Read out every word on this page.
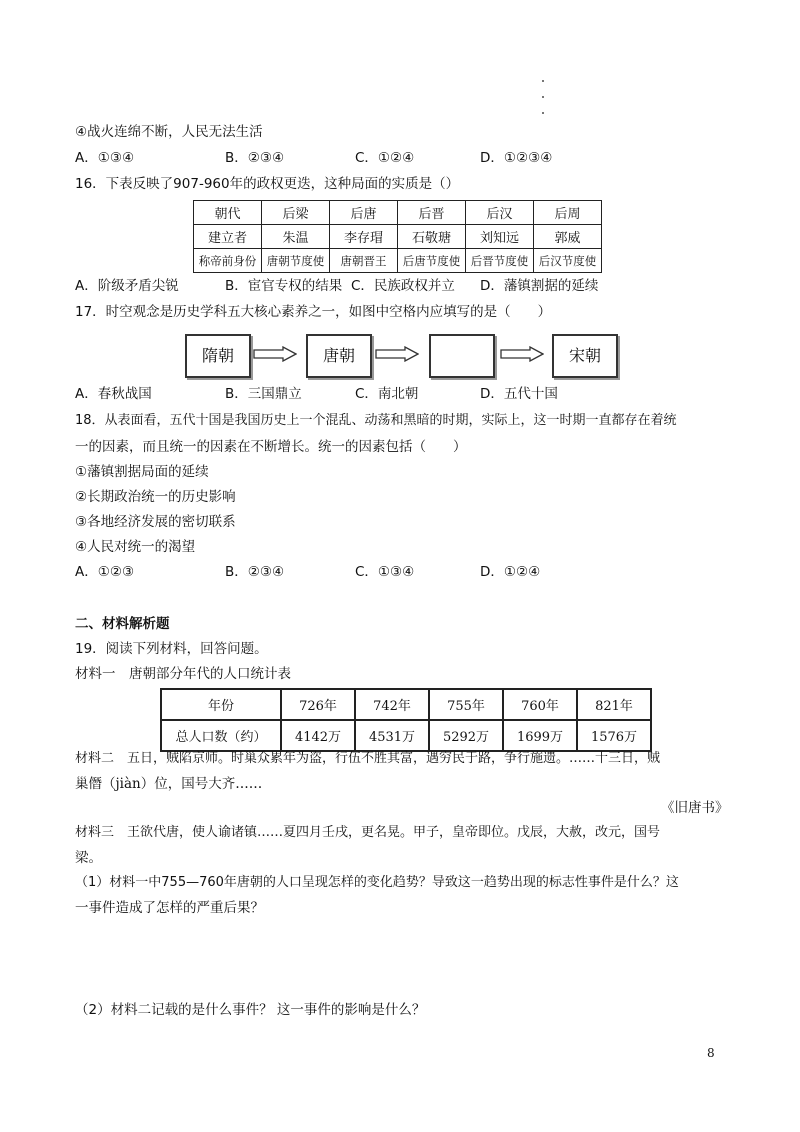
④战火连绵不断，人民无法生活
A．①③④	B．②③④	C．①②④	D．①②③④
16．下表反映了907-960年的政权更迭，这种局面的实质是（）
朝代	后梁	后唐	后晋	后汉	后周
建立者	朱温	李存瑁	石敬瑭	刘知远	郭威
称帝前身份	唐朝节度使	唐朝晋王	后唐节度使	后晋节度使	后汉节度使
A．阶级矛盾尖锐	B．宦官专权的结果 C．民族政权并立 D．藩镇割据的延续
17．时空观念是历史学科五大核心素养之一，如图中空格内应填写的是（　　）
隋朝	唐朝	宋朝
A．春秋战国	B．三国鼎立	C．南北朝	D．五代十国
18．从表面看，五代十国是我国历史上一个混乱、动荡和黑暗的时期，实际上，这一时期一直都存在着统
一的因素，而且统一的因素在不断增长。统一的因素包括（　　）
①藩镇割据局面的延续
②长期政治统一的历史影响
③各地经济发展的密切联系
④人民对统一的渴望
A．①②③	B．②③④	C．①③④	D．①②④
二、材料解析题
19．阅读下列材料，回答问题。
材料一　唐朝部分年代的人口统计表
年份	726年	742年	755年	760年	821年
总人口数（约）	4142万	4531万	5292万	1699万	1576万
材料二　五日，贼陷京师。时巢众累年为盗，行伍不胜其富，遇穷民于路，争行施遗。……十三日，贼
巢僭（jiàn）位，国号大齐……
《旧唐书》
材料三　王欲代唐，使人谕诸镇……夏四月壬戌，更名晃。甲子，皇帝即位。戊辰，大赦，改元，国号
梁。
（1）材料一中755—760年唐朝的人口呈现怎样的变化趋势？导致这一趋势出现的标志性事件是什么？这
一事件造成了怎样的严重后果？
（2）材料二记载的是什么事件？ 这一事件的影响是什么？
8
